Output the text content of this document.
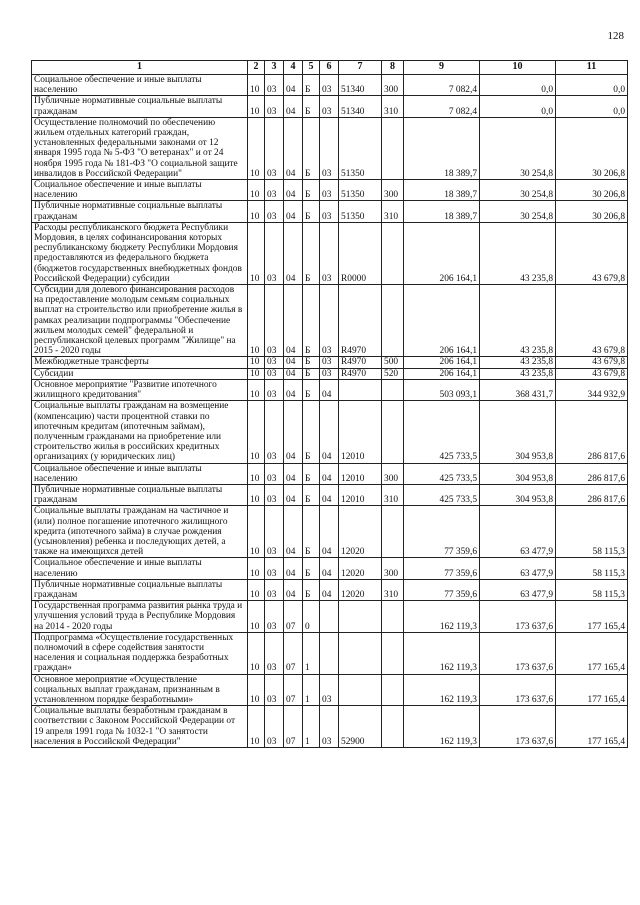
128
1	2	3	4	5	6	7	8	9	10	11
Социальное обеспечение и иные выплаты населению	10	03	04	Б	03	51340	300	7 082,4	0,0	0,0
Публичные нормативные социальные выплаты гражданам	10	03	04	Б	03	51340	310	7 082,4	0,0	0,0
Осуществление полномочий по обеспечению жильем отдельных категорий граждан, установленных федеральными законами от 12 января 1995 года № 5-ФЗ "О ветеранах" и от 24 ноября 1995 года № 181-ФЗ "О социальной защите инвалидов в Российской Федерации"	10	03	04	Б	03	51350		18 389,7	30 254,8	30 206,8
Социальное обеспечение и иные выплаты населению	10	03	04	Б	03	51350	300	18 389,7	30 254,8	30 206,8
Публичные нормативные социальные выплаты гражданам	10	03	04	Б	03	51350	310	18 389,7	30 254,8	30 206,8
Расходы республиканского бюджета Республики Мордовия, в целях софинансирования которых республиканскому бюджету Республики Мордовия предоставляются из федерального бюджета (бюджетов государственных внебюджетных фондов Российской Федерации) субсидии	10	03	04	Б	03	R0000		206 164,1	43 235,8	43 679,8
Субсидии для долевого финансирования расходов на предоставление молодым семьям социальных выплат на строительство или приобретение жилья в рамках реализации подпрограммы "Обеспечение жильем молодых семей" федеральной и республиканской целевых программ "Жилище" на 2015 - 2020 годы	10	03	04	Б	03	R4970		206 164,1	43 235,8	43 679,8
Межбюджетные трансферты	10	03	04	Б	03	R4970	500	206 164,1	43 235,8	43 679,8
Субсидии	10	03	04	Б	03	R4970	520	206 164,1	43 235,8	43 679,8
Основное мероприятие "Развитие ипотечного жилищного кредитования"	10	03	04	Б	04			503 093,1	368 431,7	344 932,9
Социальные выплаты гражданам на возмещение (компенсацию) части процентной ставки по ипотечным кредитам (ипотечным займам), полученным гражданами на приобретение или строительство жилья в российских кредитных организациях (у юридических лиц)	10	03	04	Б	04	12010		425 733,5	304 953,8	286 817,6
Социальное обеспечение и иные выплаты населению	10	03	04	Б	04	12010	300	425 733,5	304 953,8	286 817,6
Публичные нормативные социальные выплаты гражданам	10	03	04	Б	04	12010	310	425 733,5	304 953,8	286 817,6
Социальные выплаты гражданам на частичное и (или) полное погашение ипотечного жилищного кредита (ипотечного займа) в случае рождения (усыновления) ребенка и последующих детей, а также на имеющихся детей	10	03	04	Б	04	12020		77 359,6	63 477,9	58 115,3
Социальное обеспечение и иные выплаты населению	10	03	04	Б	04	12020	300	77 359,6	63 477,9	58 115,3
Публичные нормативные социальные выплаты гражданам	10	03	04	Б	04	12020	310	77 359,6	63 477,9	58 115,3
Государственная программа развития рынка труда и улучшения условий труда в Республике Мордовия на 2014 - 2020 годы	10	03	07	0				162 119,3	173 637,6	177 165,4
Подпрограмма «Осуществление государственных полномочий в сфере содействия занятости населения и социальная поддержка безработных граждан»	10	03	07	1				162 119,3	173 637,6	177 165,4
Основное мероприятие «Осуществление социальных выплат гражданам, признанным в установленном порядке безработными»	10	03	07	1	03			162 119,3	173 637,6	177 165,4
Социальные выплаты безработным гражданам в соответствии с Законом Российской Федерации от 19 апреля 1991 года № 1032-1 "О занятости населения в Российской Федерации"	10	03	07	1	03	52900		162 119,3	173 637,6	177 165,4
